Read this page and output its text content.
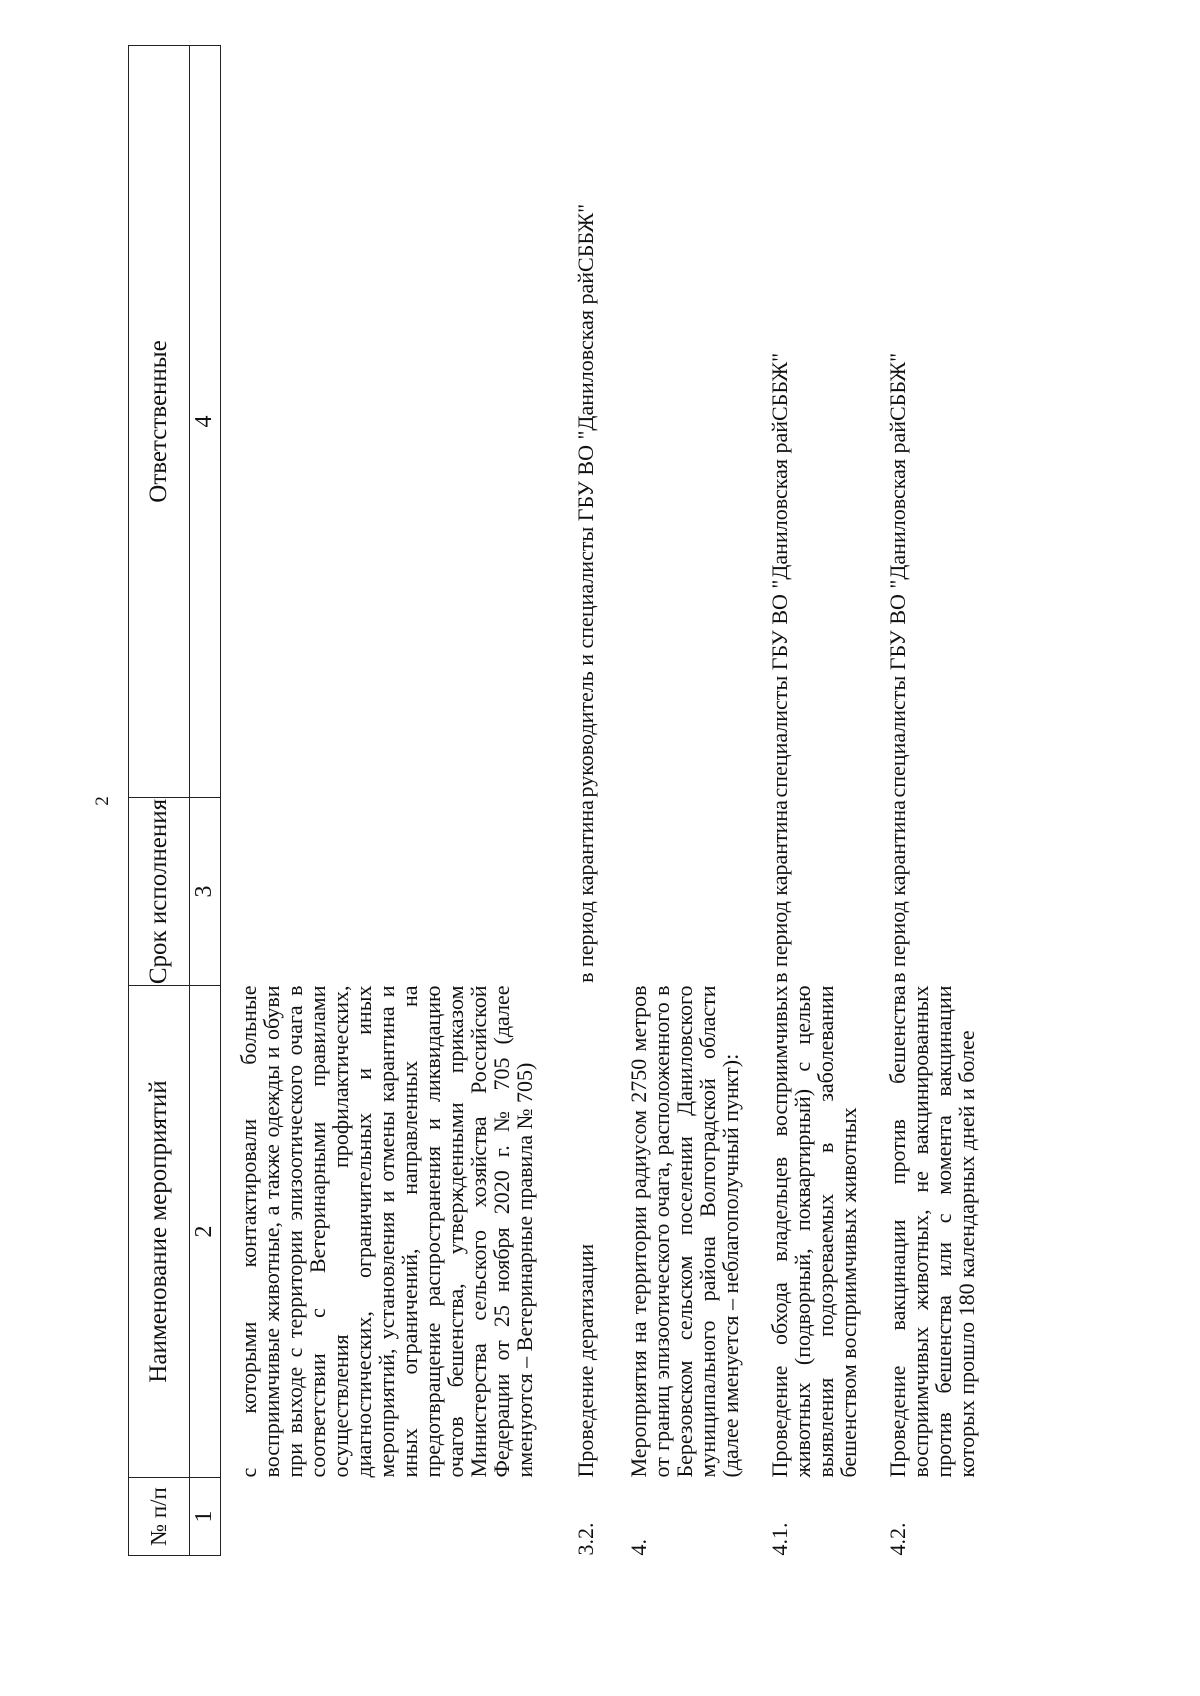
2
№ п/п	Наименование мероприятий	Срок исполнения	Ответственные
1	2	3	4
	с которыми контактировали больные восприимчивые животные, а также одежды и обуви при выходе с территории эпизоотического очага в соответствии с Ветеринарными правилами осуществления профилактических, диагностических, ограничительных и иных мероприятий, установления и отмены карантина и иных ограничений, направленных на предотвращение распространения и ликвидацию очагов бешенства, утвержденными приказом Министерства сельского хозяйства Российской Федерации от 25 ноября 2020 г. № 705 (далее именуются – Ветеринарные правила № 705)		
3.2.	Проведение дератизации	в период карантина	руководитель и специалисты ГБУ ВО "Даниловская райСББЖ"
4.	Мероприятия на территории радиусом 2750 метров от границ эпизоотического очага, расположенного в Березовском сельском поселении Даниловского муниципального района Волгоградской области (далее именуется – неблагополучный пункт):		
4.1.	Проведение обхода владельцев восприимчивых животных (подворный, поквартирный) с целью выявления подозреваемых в заболевании бешенством восприимчивых животных	в период карантина	специалисты ГБУ ВО "Даниловская райСББЖ"
4.2.	Проведение вакцинации против бешенства восприимчивых животных, не вакцинированных против бешенства или с момента вакцинации которых прошло 180 календарных дней и более	в период карантина	специалисты ГБУ ВО "Даниловская райСББЖ"
